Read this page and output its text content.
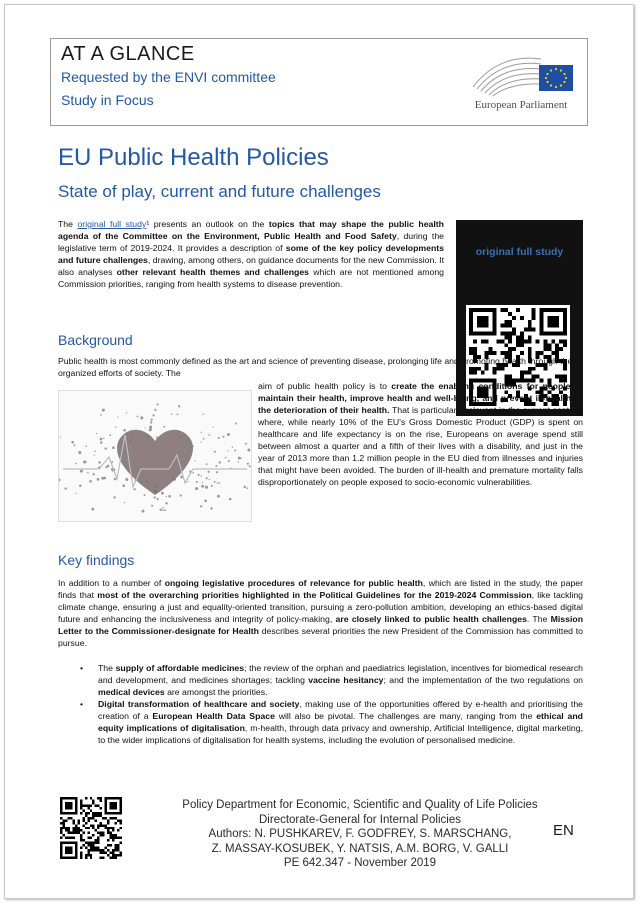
AT A GLANCE
Requested by the ENVI committee
Study in Focus	European Parliament
EU Public Health Policies
State of play, current and future challenges

The original full study¹ presents an outlook on the topics that may shape the public health agenda of the Committee on the Environment, Public Health and Food Safety, during the legislative term of 2019-2024. It provides a description of some of the key policy developments and future challenges, drawing, among others, on guidance documents for the new Commission. It also analyses other relevant health themes and challenges which are not mentioned among Commission priorities, ranging from health systems to disease prevention.

original full study
Background

Public health is most commonly defined as the art and science of preventing disease, prolonging life and promoting health through the organized efforts of society. The

aim of public health policy is to create the enabling conditions for people to maintain their health, improve health and well-being, and prevent ill-health or the deterioration of their health. That is particularly relevant in the current context, where, while nearly 10% of the EU's Gross Domestic Product (GDP) is spent on healthcare and life expectancy is on the rise, Europeans on average spend still between almost a quarter and a fifth of their lives with a disability, and just in the year of 2013 more than 1.2 million people in the EU died from illnesses and injuries that might have been avoided. The burden of ill-health and premature mortality falls disproportionately on people exposed to socio-economic vulnerabilities.

Key findings

In addition to a number of ongoing legislative procedures of relevance for public health, which are listed in the study, the paper finds that most of the overarching priorities highlighted in the Political Guidelines for the 2019-2024 Commission, like tackling climate change, ensuring a just and equality-oriented transition, pursuing a zero-pollution ambition, developing an ethics-based digital future and enhancing the inclusiveness and integrity of policy-making, are closely linked to public health challenges. The Mission Letter to the Commissioner-designate for Health describes several priorities the new President of the Commission has committed to pursue.

• The supply of affordable medicines; the review of the orphan and paediatrics legislation, incentives for biomedical research and development, and medicines shortages; tackling vaccine hesitancy; and the implementation of the two regulations on medical devices are amongst the priorities.
• Digital transformation of healthcare and society, making use of the opportunities offered by e-health and prioritising the creation of a European Health Data Space will also be pivotal. The challenges are many, ranging from the ethical and equity implications of digitalisation, m-health, through data privacy and ownership, Artificial Intelligence, digital marketing, to the wider implications of digitalisation for health systems, including the evolution of personalised medicine.
Policy Department for Economic, Scientific and Quality of Life Policies
Directorate-General for Internal Policies
Authors: N. PUSHKAREV, F. GODFREY, S. MARSCHANG,
Z. MASSAY-KOSUBEK, Y. NATSIS, A.M. BORG, V. GALLI
PE 642.347 - November 2019
EN
